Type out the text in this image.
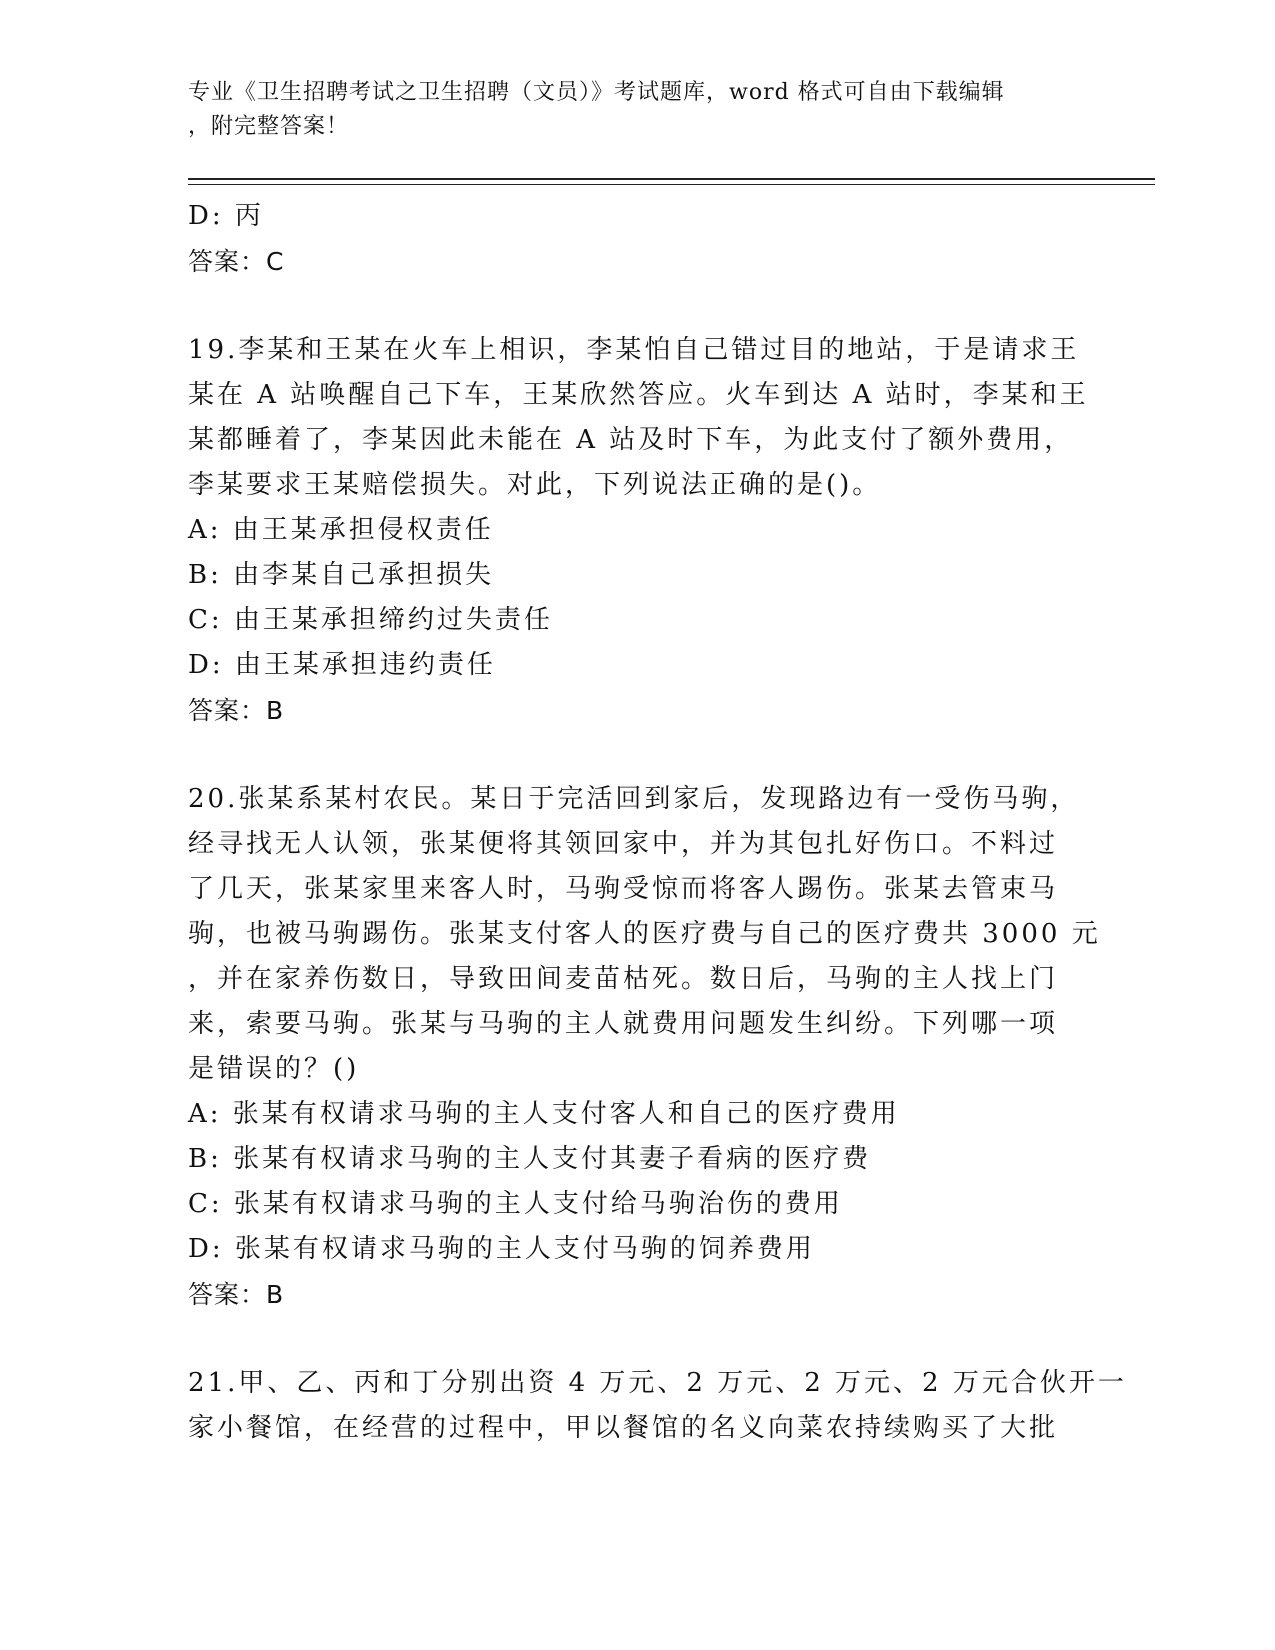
专业《卫生招聘考试之卫生招聘（文员）》考试题库，word 格式可自由下载编辑
，附完整答案！
D: 丙
答案：C
19.李某和王某在火车上相识，李某怕自己错过目的地站，于是请求王
某在 A 站唤醒自己下车，王某欣然答应。火车到达 A 站时，李某和王
某都睡着了，李某因此未能在 A 站及时下车，为此支付了额外费用，
李某要求王某赔偿损失。对此，下列说法正确的是()。
A: 由王某承担侵权责任
B: 由李某自己承担损失
C: 由王某承担缔约过失责任
D: 由王某承担违约责任
答案：B
20.张某系某村农民。某日于完活回到家后，发现路边有一受伤马驹，
经寻找无人认领，张某便将其领回家中，并为其包扎好伤口。不料过
了几天，张某家里来客人时，马驹受惊而将客人踢伤。张某去管束马
驹，也被马驹踢伤。张某支付客人的医疗费与自己的医疗费共 3000 元
，并在家养伤数日，导致田间麦苗枯死。数日后，马驹的主人找上门
来，索要马驹。张某与马驹的主人就费用问题发生纠纷。下列哪一项
是错误的？()
A: 张某有权请求马驹的主人支付客人和自己的医疗费用
B: 张某有权请求马驹的主人支付其妻子看病的医疗费
C: 张某有权请求马驹的主人支付给马驹治伤的费用
D: 张某有权请求马驹的主人支付马驹的饲养费用
答案：B
21.甲、乙、丙和丁分别出资 4 万元、2 万元、2 万元、2 万元合伙开一
家小餐馆，在经营的过程中，甲以餐馆的名义向菜农持续购买了大批
